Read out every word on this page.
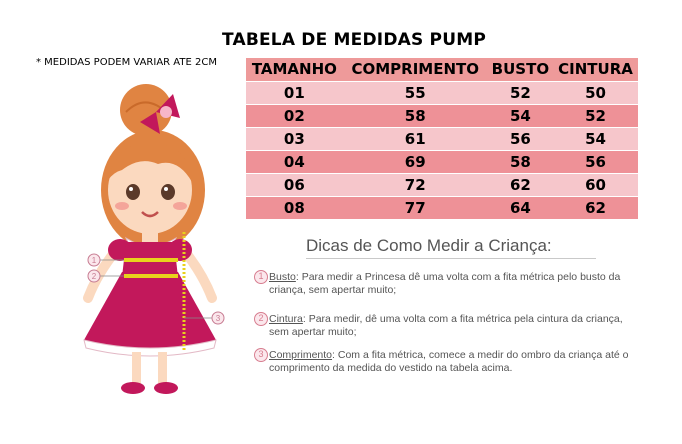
TABELA DE MEDIDAS PUMP
* MEDIDAS PODEM VARIAR ATE 2CM
1
2
3
TAMANHO	COMPRIMENTO	BUSTO	CINTURA
01	55	52	50
02	58	54	52
03	61	56	54
04	69	58	56
06	72	62	60
08	77	64	62
Dicas de Como Medir a Criança:
1 Busto: Para medir a Princesa dê uma volta com a fita métrica pelo busto da criança, sem apertar muito;
2 Cintura: Para medir, dê uma volta com a fita métrica pela cintura da criança, sem apertar muito;
3 Comprimento: Com a fita métrica, comece a medir do ombro da criança até o comprimento da medida do vestido na tabela acima.
